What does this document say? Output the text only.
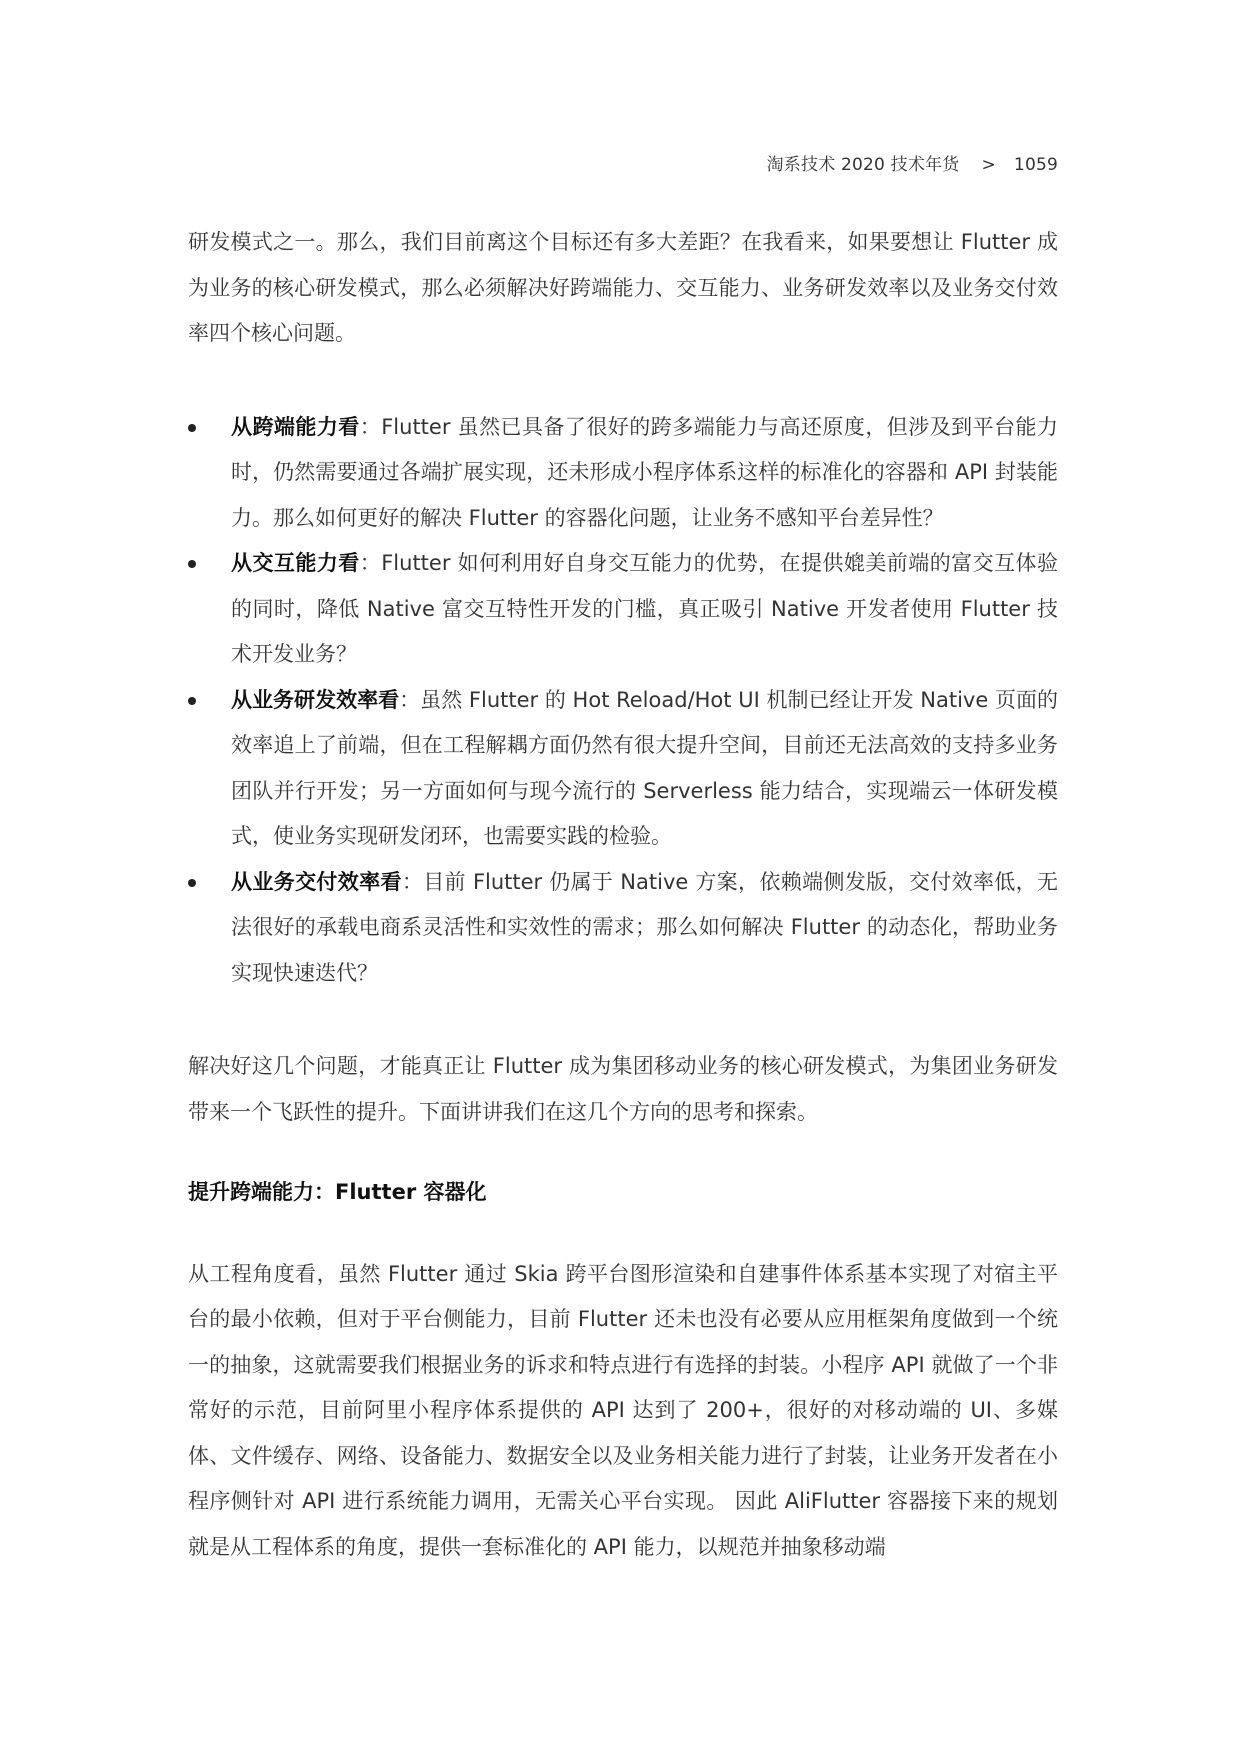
淘系技术 2020 技术年货 > 1059

研发模式之一。那么，我们目前离这个目标还有多大差距？在我看来，如果要想让 Flutter 成为业务的核心研发模式，那么必须解决好跨端能力、交互能力、业务研发效率以及业务交付效率四个核心问题。

从跨端能力看：Flutter 虽然已具备了很好的跨多端能力与高还原度，但涉及到平台能力时，仍然需要通过各端扩展实现，还未形成小程序体系这样的标准化的容器和 API 封装能力。那么如何更好的解决 Flutter 的容器化问题，让业务不感知平台差异性？
从交互能力看：Flutter 如何利用好自身交互能力的优势，在提供媲美前端的富交互体验的同时，降低 Native 富交互特性开发的门槛，真正吸引 Native 开发者使用 Flutter 技术开发业务？
从业务研发效率看：虽然 Flutter 的 Hot Reload/Hot UI 机制已经让开发 Native 页面的效率追上了前端，但在工程解耦方面仍然有很大提升空间，目前还无法高效的支持多业务团队并行开发；另一方面如何与现今流行的 Serverless 能力结合，实现端云一体研发模式，使业务实现研发闭环，也需要实践的检验。
从业务交付效率看：目前 Flutter 仍属于 Native 方案，依赖端侧发版，交付效率低，无法很好的承载电商系灵活性和实效性的需求；那么如何解决 Flutter 的动态化，帮助业务实现快速迭代？

解决好这几个问题，才能真正让 Flutter 成为集团移动业务的核心研发模式，为集团业务研发带来一个飞跃性的提升。下面讲讲我们在这几个方向的思考和探索。

提升跨端能力：Flutter 容器化

从工程角度看，虽然 Flutter 通过 Skia 跨平台图形渲染和自建事件体系基本实现了对宿主平台的最小依赖，但对于平台侧能力，目前 Flutter 还未也没有必要从应用框架角度做到一个统一的抽象，这就需要我们根据业务的诉求和特点进行有选择的封装。小程序 API 就做了一个非常好的示范，目前阿里小程序体系提供的 API 达到了 200+，很好的对移动端的 UI、多媒体、文件缓存、网络、设备能力、数据安全以及业务相关能力进行了封装，让业务开发者在小程序侧针对 API 进行系统能力调用，无需关心平台实现。 因此 AliFlutter 容器接下来的规划就是从工程体系的角度，提供一套标准化的 API 能力，以规范并抽象移动端
